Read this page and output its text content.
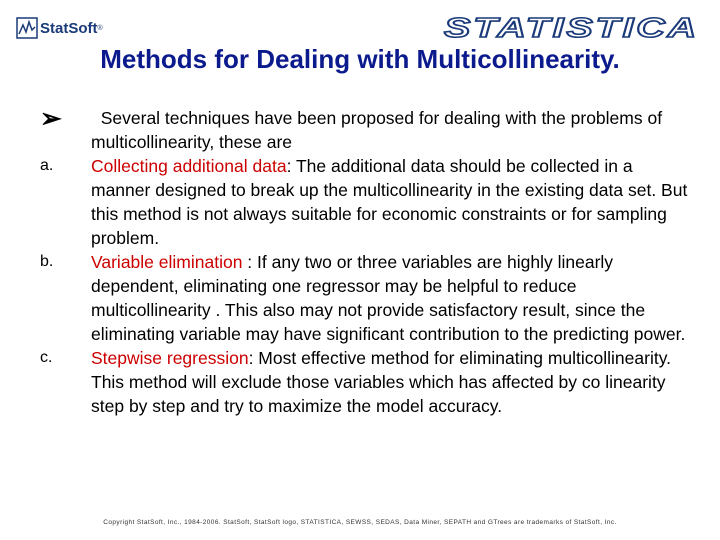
StatSoft ®	STATISTICA
Methods for Dealing with Multicollinearity.
➢	Several techniques have been proposed for dealing with the problems of multicollinearity, these are
a.	Collecting additional data: The additional data should be collected in a manner designed to break up the multicollinearity in the existing data set. But this method is not always suitable for economic constraints or for sampling problem.
b.	Variable elimination : If any two or three variables are highly linearly dependent, eliminating one regressor may be helpful to reduce multicollinearity . This also may not provide satisfactory result, since the eliminating variable may have significant contribution to the predicting power.
c.	Stepwise regression: Most effective method for eliminating multicollinearity. This method will exclude those variables which has affected by co linearity step by step and try to maximize the model accuracy.
Copyright StatSoft, Inc., 1984-2006. StatSoft, StatSoft logo, STATISTICA, SEWSS, SEDAS, Data Miner, SEPATH and GTrees are trademarks of StatSoft, Inc.
